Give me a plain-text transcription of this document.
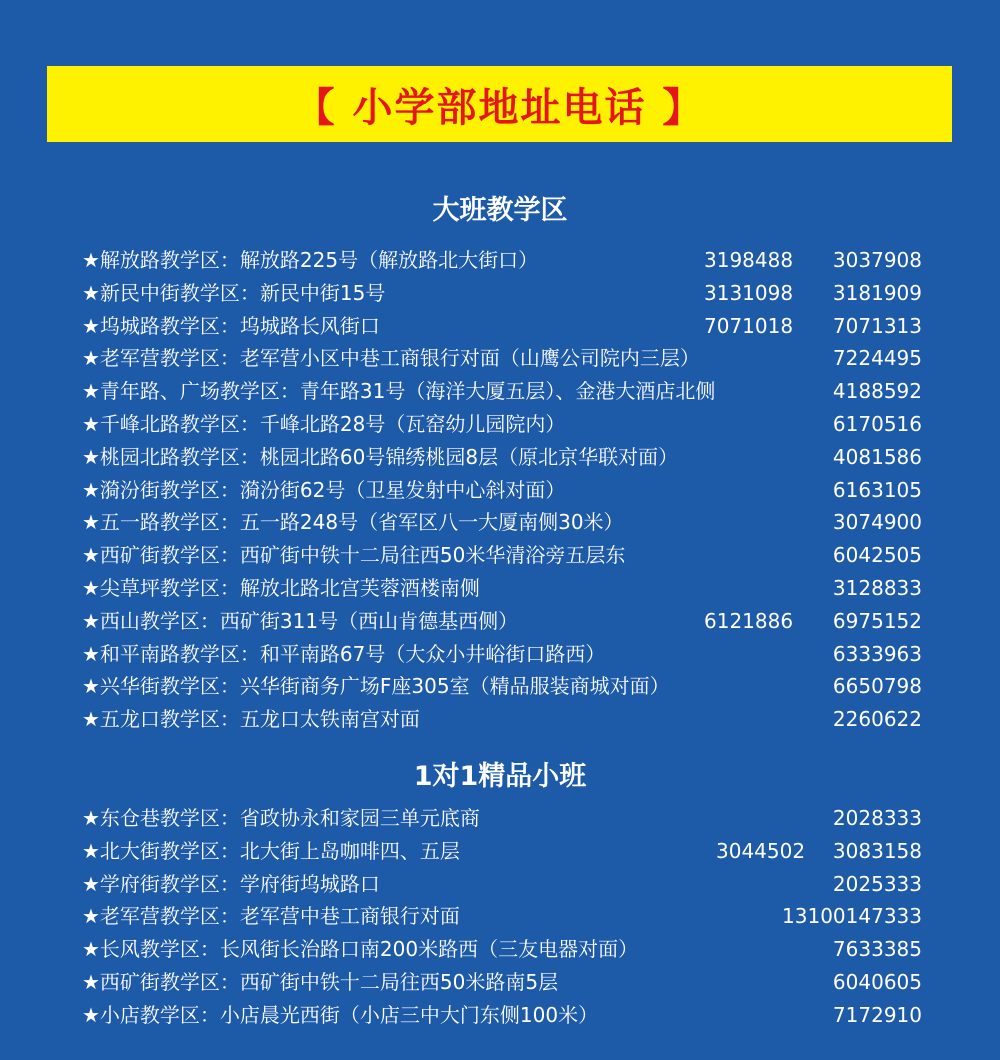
【 小学部地址电话 】
大班教学区
★解放路教学区：解放路225号（解放路北大街口）	3198488 3037908
★新民中街教学区：新民中街15号	3131098 3181909
★坞城路教学区：坞城路长风街口	7071018 7071313
★老军营教学区：老军营小区中巷工商银行对面（山鹰公司院内三层）	7224495
★青年路、广场教学区：青年路31号（海洋大厦五层）、金港大酒店北侧	4188592
★千峰北路教学区：千峰北路28号（瓦窑幼儿园院内）	6170516
★桃园北路教学区：桃园北路60号锦绣桃园8层（原北京华联对面）	4081586
★漪汾街教学区：漪汾街62号（卫星发射中心斜对面）	6163105
★五一路教学区：五一路248号（省军区八一大厦南侧30米）	3074900
★西矿街教学区：西矿街中铁十二局往西50米华清浴旁五层东	6042505
★尖草坪教学区：解放北路北宫芙蓉酒楼南侧	3128833
★西山教学区：西矿街311号（西山肯德基西侧）	6121886 6975152
★和平南路教学区：和平南路67号（大众小井峪街口路西）	6333963
★兴华街教学区：兴华街商务广场F座305室（精品服装商城对面）	6650798
★五龙口教学区：五龙口太铁南宫对面	2260622
1对1精品小班
★东仓巷教学区：省政协永和家园三单元底商	2028333
★北大街教学区：北大街上岛咖啡四、五层	3044502 3083158
★学府街教学区：学府街坞城路口	2025333
★老军营教学区：老军营中巷工商银行对面	13100147333
★长风教学区：长风街长治路口南200米路西（三友电器对面）	7633385
★西矿街教学区：西矿街中铁十二局往西50米路南5层	6040605
★小店教学区：小店晨光西街（小店三中大门东侧100米）	7172910
